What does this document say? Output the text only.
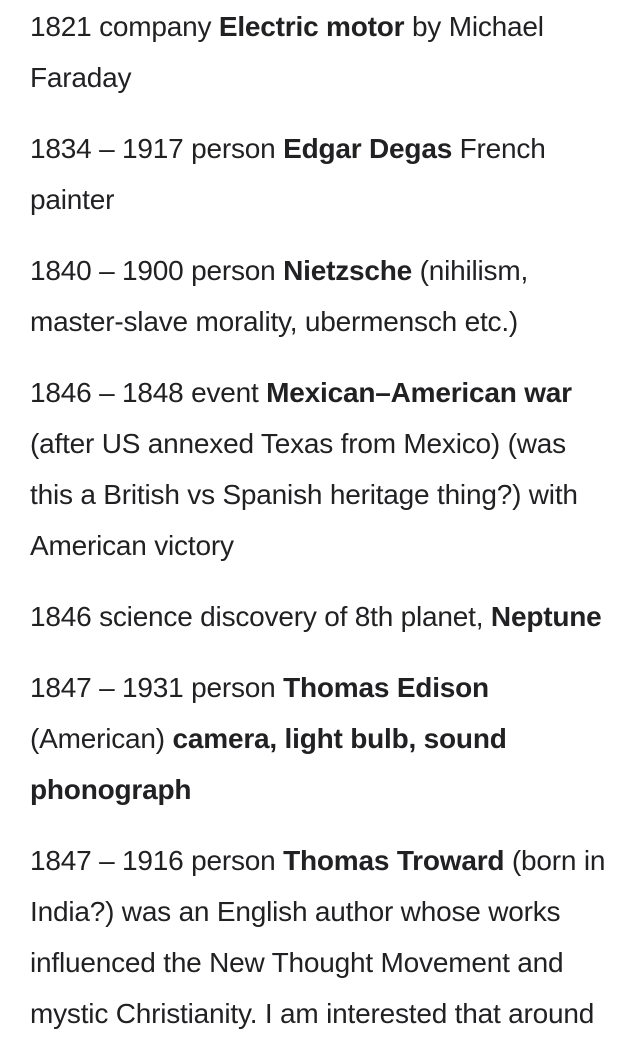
1821 company Electric motor by Michael
Faraday

1834 – 1917 person Edgar Degas French
painter

1840 – 1900 person Nietzsche (nihilism,
master-slave morality, ubermensch etc.)

1846 – 1848 event Mexican–American war
(after US annexed Texas from Mexico) (was
this a British vs Spanish heritage thing?) with
American victory

1846 science discovery of 8th planet, Neptune

1847 – 1931 person Thomas Edison
(American) camera, light bulb, sound
phonograph

1847 – 1916 person Thomas Troward (born in
India?) was an English author whose works
influenced the New Thought Movement and
mystic Christianity. I am interested that around
